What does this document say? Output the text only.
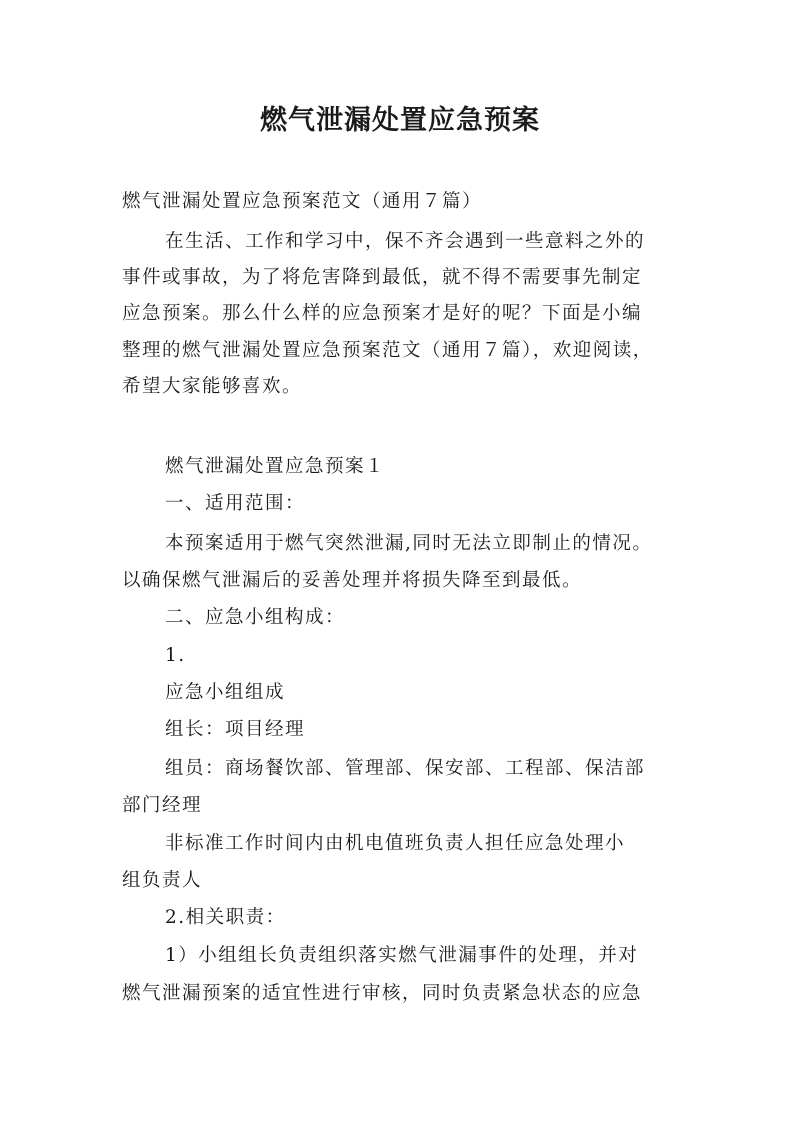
燃气泄漏处置应急预案

燃气泄漏处置应急预案范文（通用７篇）

在生活、工作和学习中，保不齐会遇到一些意料之外的

事件或事故，为了将危害降到最低，就不得不需要事先制定

应急预案。那么什么样的应急预案才是好的呢？下面是小编

整理的燃气泄漏处置应急预案范文（通用７篇），欢迎阅读，

希望大家能够喜欢。

燃气泄漏处置应急预案１

一、适用范围：

本预案适用于燃气突然泄漏,同时无法立即制止的情况。

以确保燃气泄漏后的妥善处理并将损失降至到最低。

二、应急小组构成：

1.

应急小组组成

组长：项目经理

组员：商场餐饮部、管理部、保安部、工程部、保洁部

部门经理

非标准工作时间内由机电值班负责人担任应急处理小

组负责人

2.相关职责：

1）小组组长负责组织落实燃气泄漏事件的处理，并对

燃气泄漏预案的适宜性进行审核，同时负责紧急状态的应急
